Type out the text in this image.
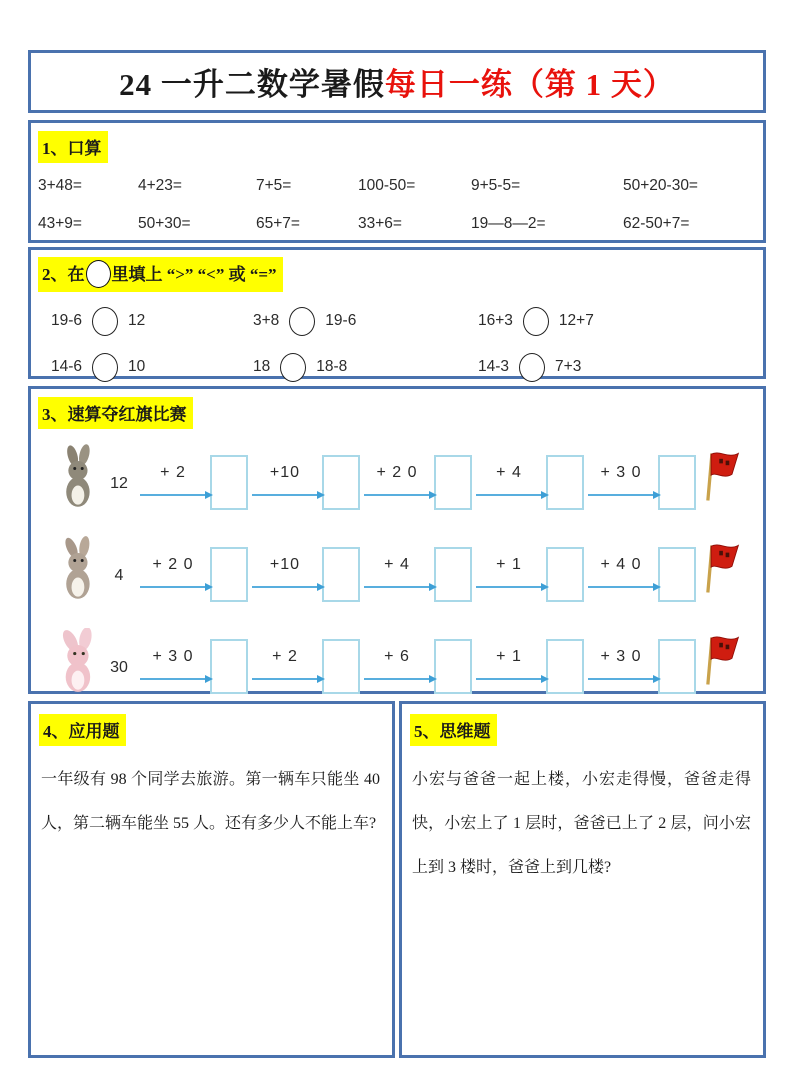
24 一升二数学暑假每日一练（第 1 天）
1、口算
3+48=	4+23=	7+5=	100-50=	9+5-5=	50+20-30=
43+9=	50+30=	65+7=	33+6=	19—8—2=	62-50+7=
2、在 里填上 “>” “<” 或 “=”
19-6	12	3+8	19-6	16+3	12+7
14-6	10	18	18-8	14-3	7+3
3、速算夺红旗比赛
12
+ 2	+10	+ 2 0	+ 4	+ 3 0
4
+ 2 0	+10	+ 4	+ 1	+ 4 0
30
+ 3 0	+ 2	+ 6	+ 1	+ 3 0
4、应用题
一年级有 98 个同学去旅游。第一辆车只能坐 40 人，第二辆车能坐 55 人。还有多少人不能上车?
5、思维题
小宏与爸爸一起上楼，小宏走得慢，爸爸走得快，小宏上了 1 层时，爸爸已上了 2 层，问小宏上到 3 楼时，爸爸上到几楼?
